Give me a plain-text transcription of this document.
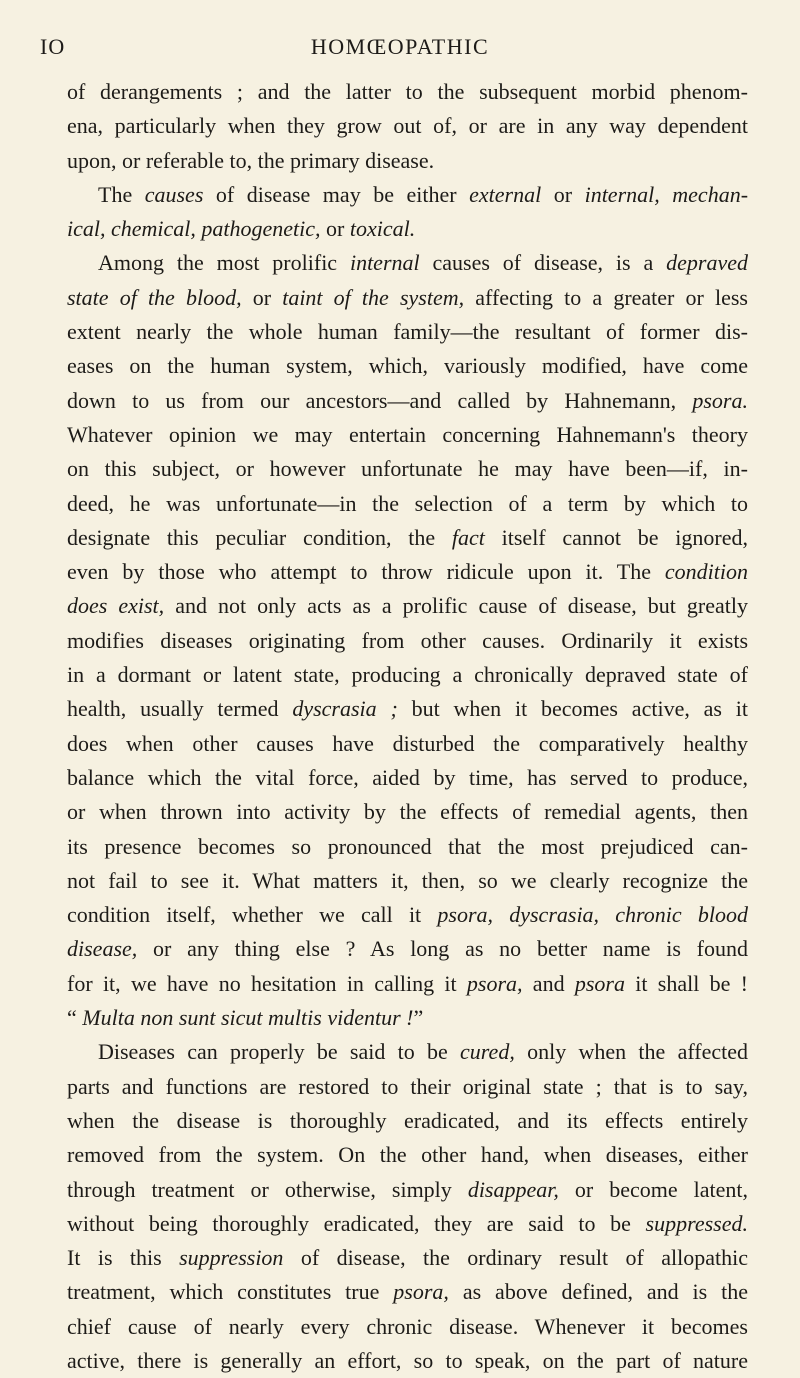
IO	HOMŒOPATHIC
of derangements ; and the latter to the subsequent morbid phenom-
ena, particularly when they grow out of, or are in any way dependent
upon, or referable to, the primary disease.
The causes of disease may be either external or internal, mechan-
ical, chemical, pathogenetic, or toxical.
Among the most prolific internal causes of disease, is a depraved
state of the blood, or taint of the system, affecting to a greater or less
extent nearly the whole human family—the resultant of former dis-
eases on the human system, which, variously modified, have come
down to us from our ancestors—and called by Hahnemann, psora.
Whatever opinion we may entertain concerning Hahnemann's theory
on this subject, or however unfortunate he may have been—if, in-
deed, he was unfortunate—in the selection of a term by which to
designate this peculiar condition, the fact itself cannot be ignored,
even by those who attempt to throw ridicule upon it. The condition
does exist, and not only acts as a prolific cause of disease, but greatly
modifies diseases originating from other causes. Ordinarily it exists
in a dormant or latent state, producing a chronically depraved state of
health, usually termed dyscrasia ; but when it becomes active, as it
does when other causes have disturbed the comparatively healthy
balance which the vital force, aided by time, has served to produce,
or when thrown into activity by the effects of remedial agents, then
its presence becomes so pronounced that the most prejudiced can-
not fail to see it. What matters it, then, so we clearly recognize the
condition itself, whether we call it psora, dyscrasia, chronic blood
disease, or any thing else ? As long as no better name is found
for it, we have no hesitation in calling it psora, and psora it shall be !
“ Multa non sunt sicut multis videntur !”
Diseases can properly be said to be cured, only when the affected
parts and functions are restored to their original state ; that is to say,
when the disease is thoroughly eradicated, and its effects entirely
removed from the system. On the other hand, when diseases, either
through treatment or otherwise, simply disappear, or become latent,
without being thoroughly eradicated, they are said to be suppressed.
It is this suppression of disease, the ordinary result of allopathic
treatment, which constitutes true psora, as above defined, and is the
chief cause of nearly every chronic disease. Whenever it becomes
active, there is generally an effort, so to speak, on the part of nature
